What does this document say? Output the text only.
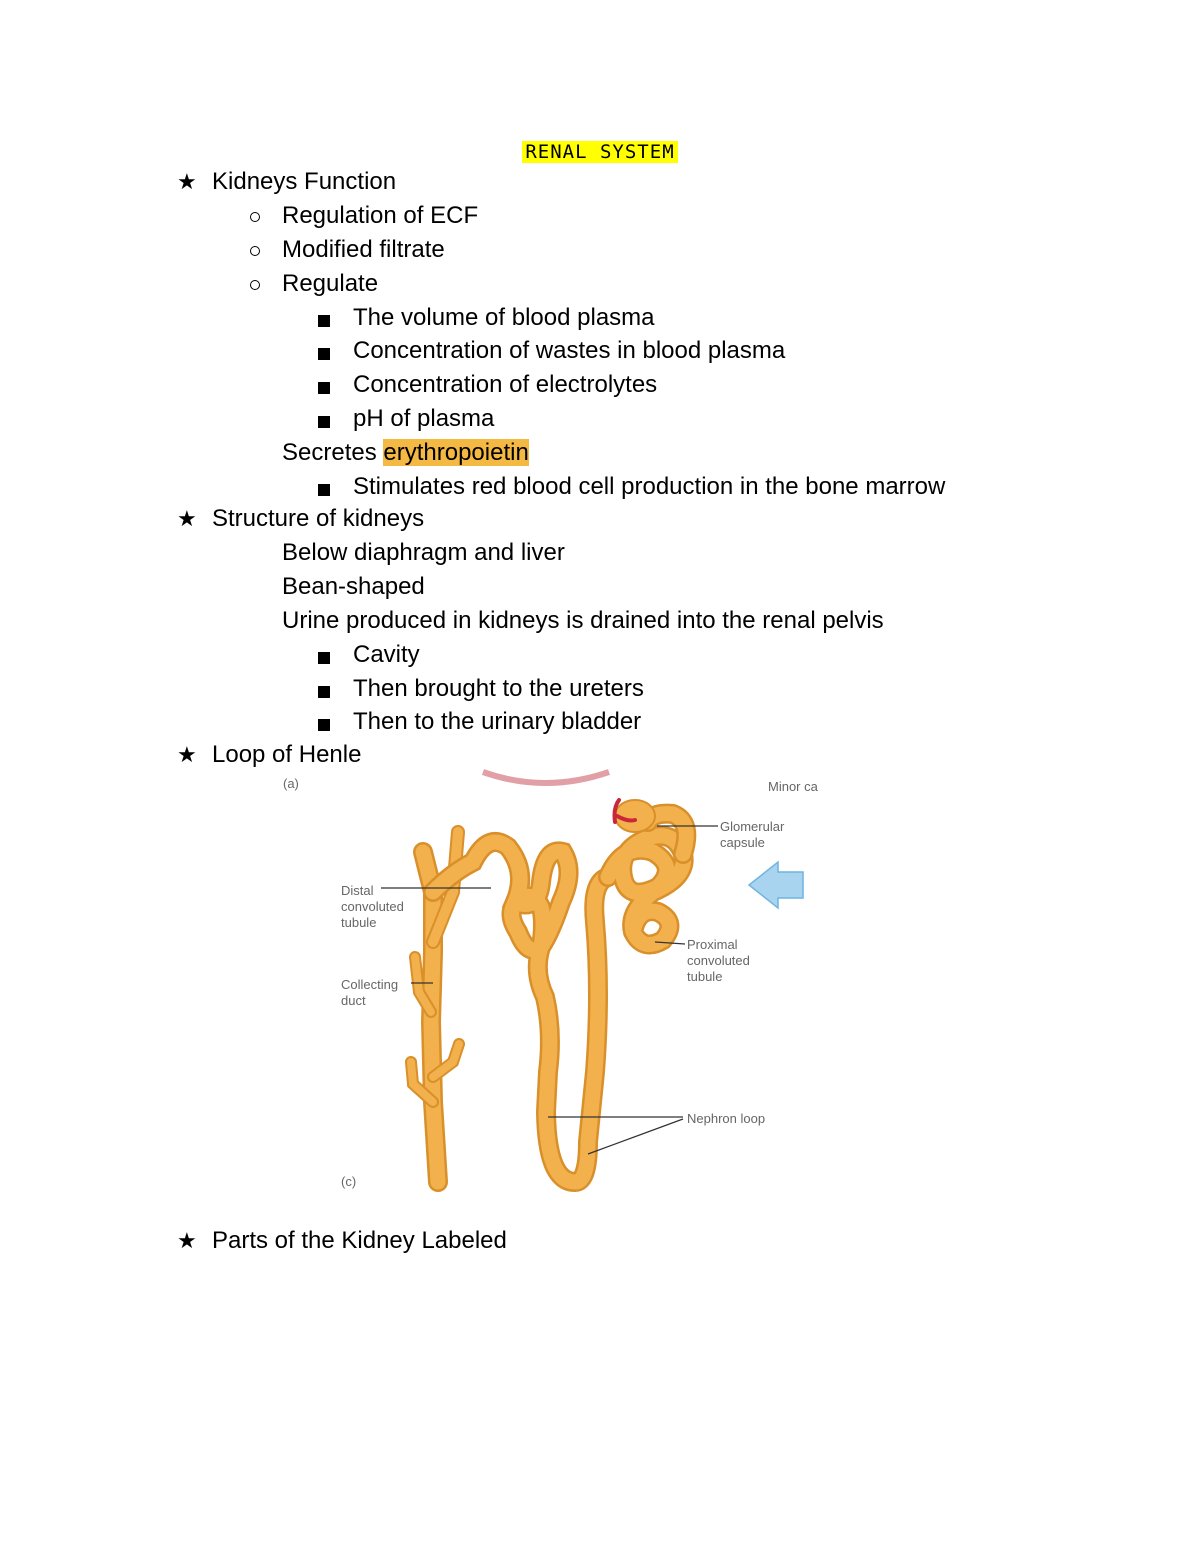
RENAL SYSTEM
★ Kidneys Function
Regulation of ECF
Modified filtrate
Regulate
The volume of blood plasma
Concentration of wastes in blood plasma
Concentration of electrolytes
pH of plasma
Secretes erythropoietin
Stimulates red blood cell production in the bone marrow
★ Structure of kidneys
Below diaphragm and liver
Bean-shaped
Urine produced in kidneys is drained into the renal pelvis
Cavity
Then brought to the ureters
Then to the urinary bladder
★ Loop of Henle
(a)	Minor ca
Distal
convoluted
tubule
Collecting
duct
Glomerular
capsule
Proximal
convoluted
tubule
Nephron loop
(c)
★ Parts of the Kidney Labeled
